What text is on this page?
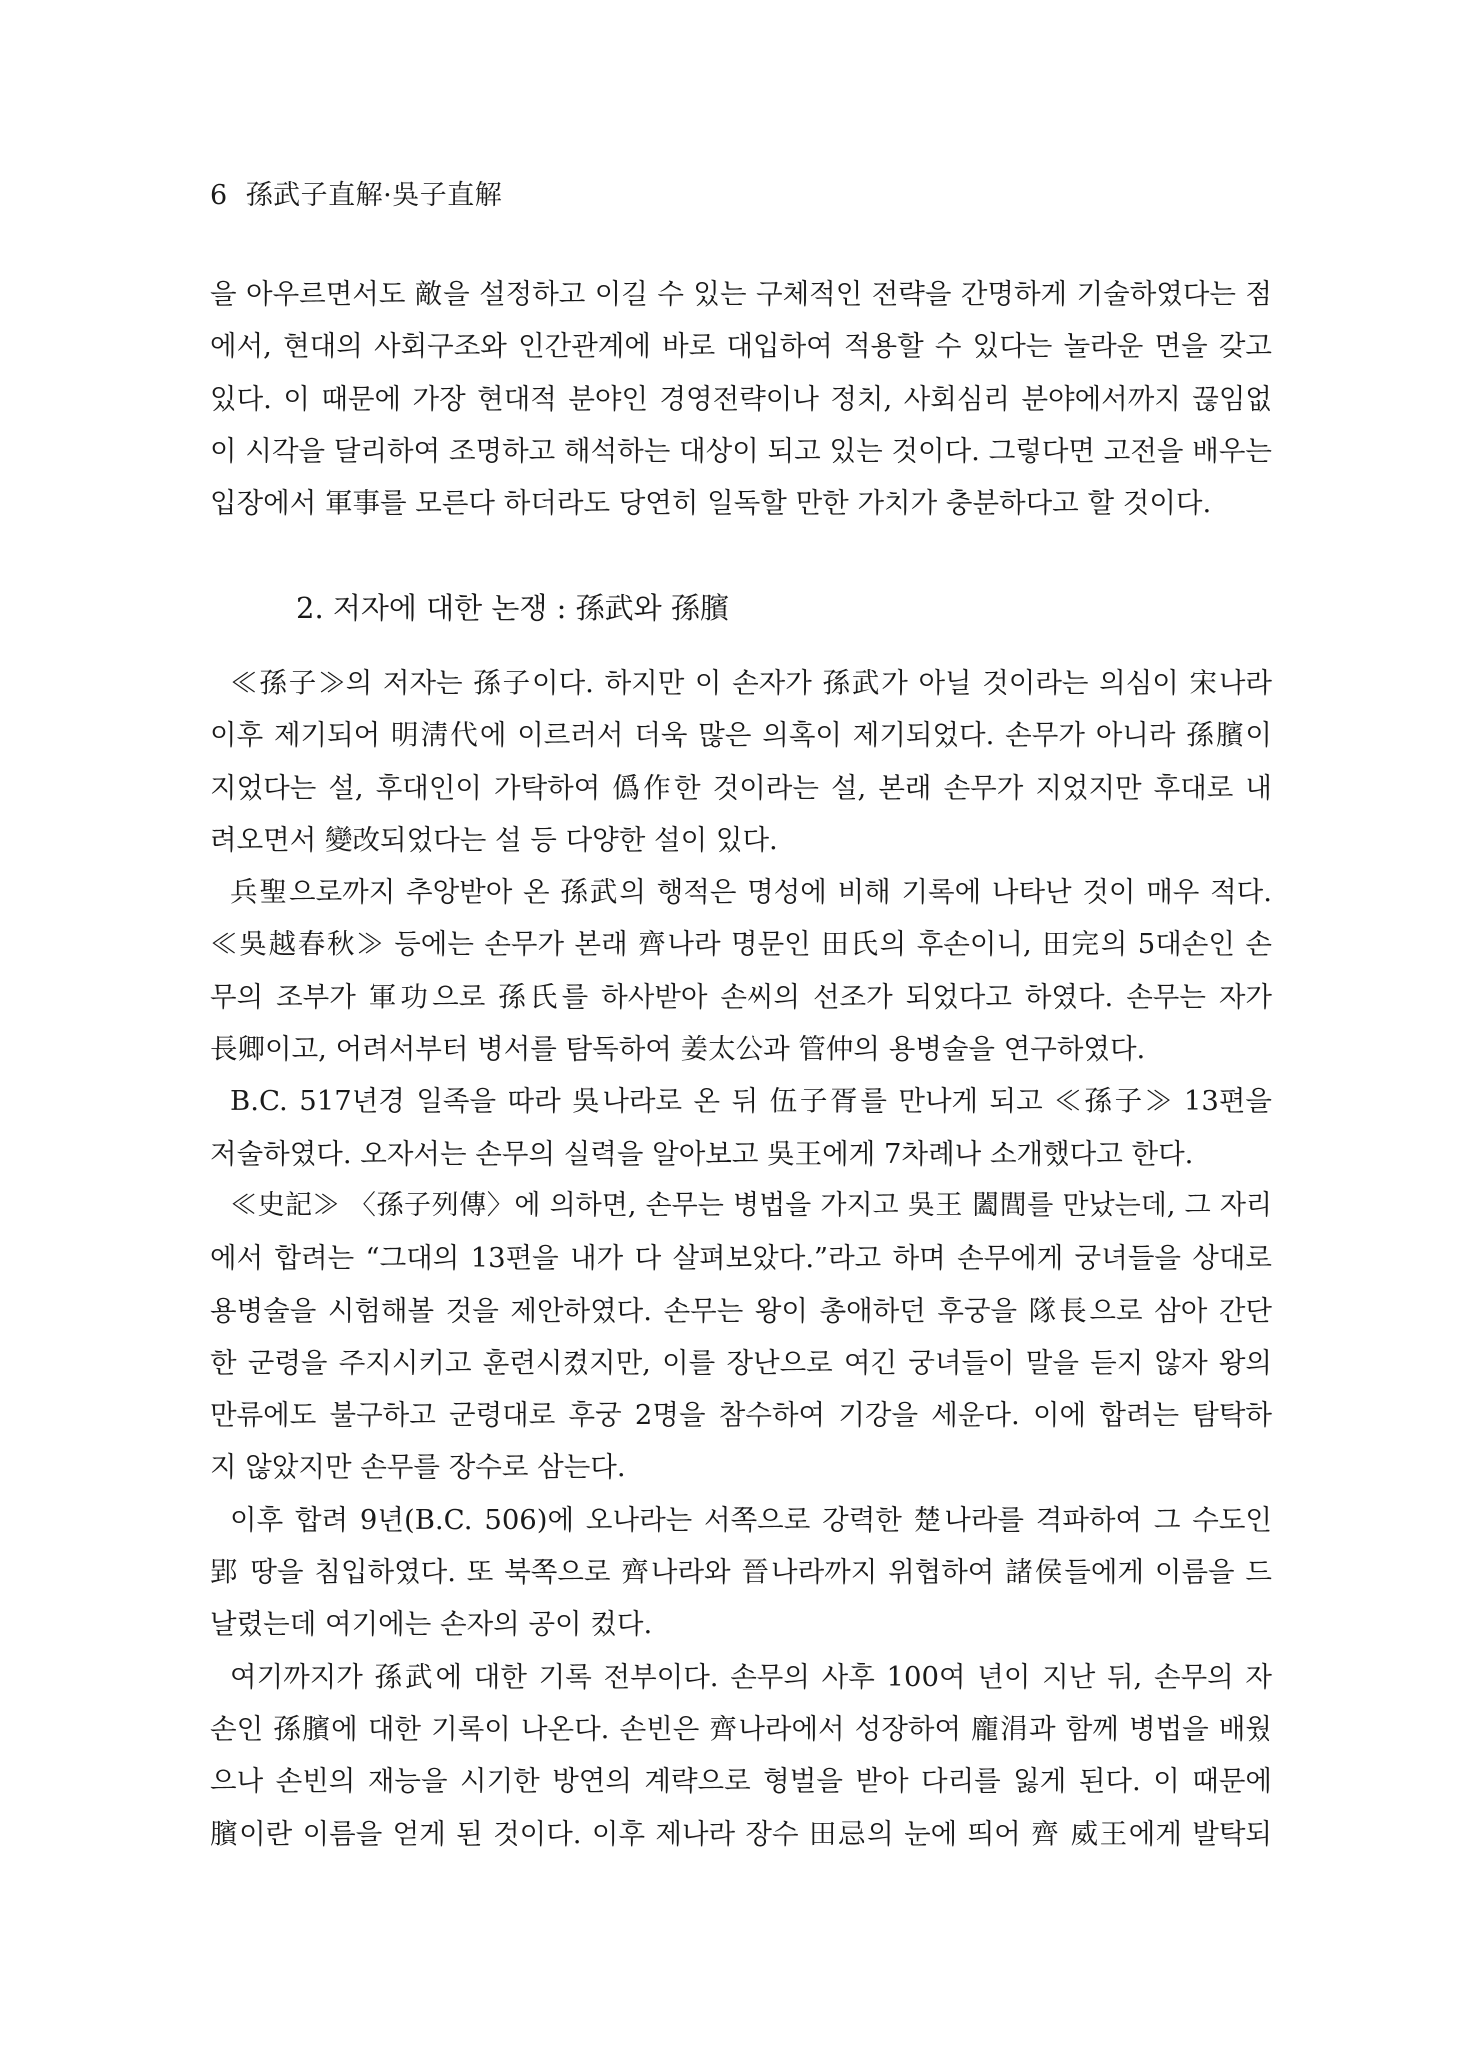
6 孫武子直解·吳子直解

을 아우르면서도 敵을 설정하고 이길 수 있는 구체적인 전략을 간명하게 기술하였다는 점

에서, 현대의 사회구조와 인간관계에 바로 대입하여 적용할 수 있다는 놀라운 면을 갖고

있다. 이 때문에 가장 현대적 분야인 경영전략이나 정치, 사회심리 분야에서까지 끊임없

이 시각을 달리하여 조명하고 해석하는 대상이 되고 있는 것이다. 그렇다면 고전을 배우는

입장에서 軍事를 모른다 하더라도 당연히 일독할 만한 가치가 충분하다고 할 것이다.

2. 저자에 대한 논쟁 : 孫武와 孫臏
≪孫子≫의 저자는 孫子이다. 하지만 이 손자가 孫武가 아닐 것이라는 의심이 宋나라
이후 제기되어 明淸代에 이르러서 더욱 많은 의혹이 제기되었다. 손무가 아니라 孫臏이
지었다는 설, 후대인이 가탁하여 僞作한 것이라는 설, 본래 손무가 지었지만 후대로 내
려오면서 變改되었다는 설 등 다양한 설이 있다.
兵聖으로까지 추앙받아 온 孫武의 행적은 명성에 비해 기록에 나타난 것이 매우 적다.
≪吳越春秋≫ 등에는 손무가 본래 齊나라 명문인 田氏의 후손이니, 田完의 5대손인 손
무의 조부가 軍功으로 孫氏를 하사받아 손씨의 선조가 되었다고 하였다. 손무는 자가
長卿이고, 어려서부터 병서를 탐독하여 姜太公과 管仲의 용병술을 연구하였다.
B.C. 517년경 일족을 따라 吳나라로 온 뒤 伍子胥를 만나게 되고 ≪孫子≫ 13편을
저술하였다. 오자서는 손무의 실력을 알아보고 吳王에게 7차례나 소개했다고 한다.
≪史記≫ 〈孫子列傳〉에 의하면, 손무는 병법을 가지고 吳王 闔閭를 만났는데, 그 자리
에서 합려는 “그대의 13편을 내가 다 살펴보았다.”라고 하며 손무에게 궁녀들을 상대로
용병술을 시험해볼 것을 제안하였다. 손무는 왕이 총애하던 후궁을 隊長으로 삼아 간단
한 군령을 주지시키고 훈련시켰지만, 이를 장난으로 여긴 궁녀들이 말을 듣지 않자 왕의
만류에도 불구하고 군령대로 후궁 2명을 참수하여 기강을 세운다. 이에 합려는 탐탁하
지 않았지만 손무를 장수로 삼는다.
이후 합려 9년(B.C. 506)에 오나라는 서쪽으로 강력한 楚나라를 격파하여 그 수도인
郢 땅을 침입하였다. 또 북쪽으로 齊나라와 晉나라까지 위협하여 諸侯들에게 이름을 드
날렸는데 여기에는 손자의 공이 컸다.
여기까지가 孫武에 대한 기록 전부이다. 손무의 사후 100여 년이 지난 뒤, 손무의 자
손인 孫臏에 대한 기록이 나온다. 손빈은 齊나라에서 성장하여 龐涓과 함께 병법을 배웠
으나 손빈의 재능을 시기한 방연의 계략으로 형벌을 받아 다리를 잃게 된다. 이 때문에
臏이란 이름을 얻게 된 것이다. 이후 제나라 장수 田忌의 눈에 띄어 齊 威王에게 발탁되
